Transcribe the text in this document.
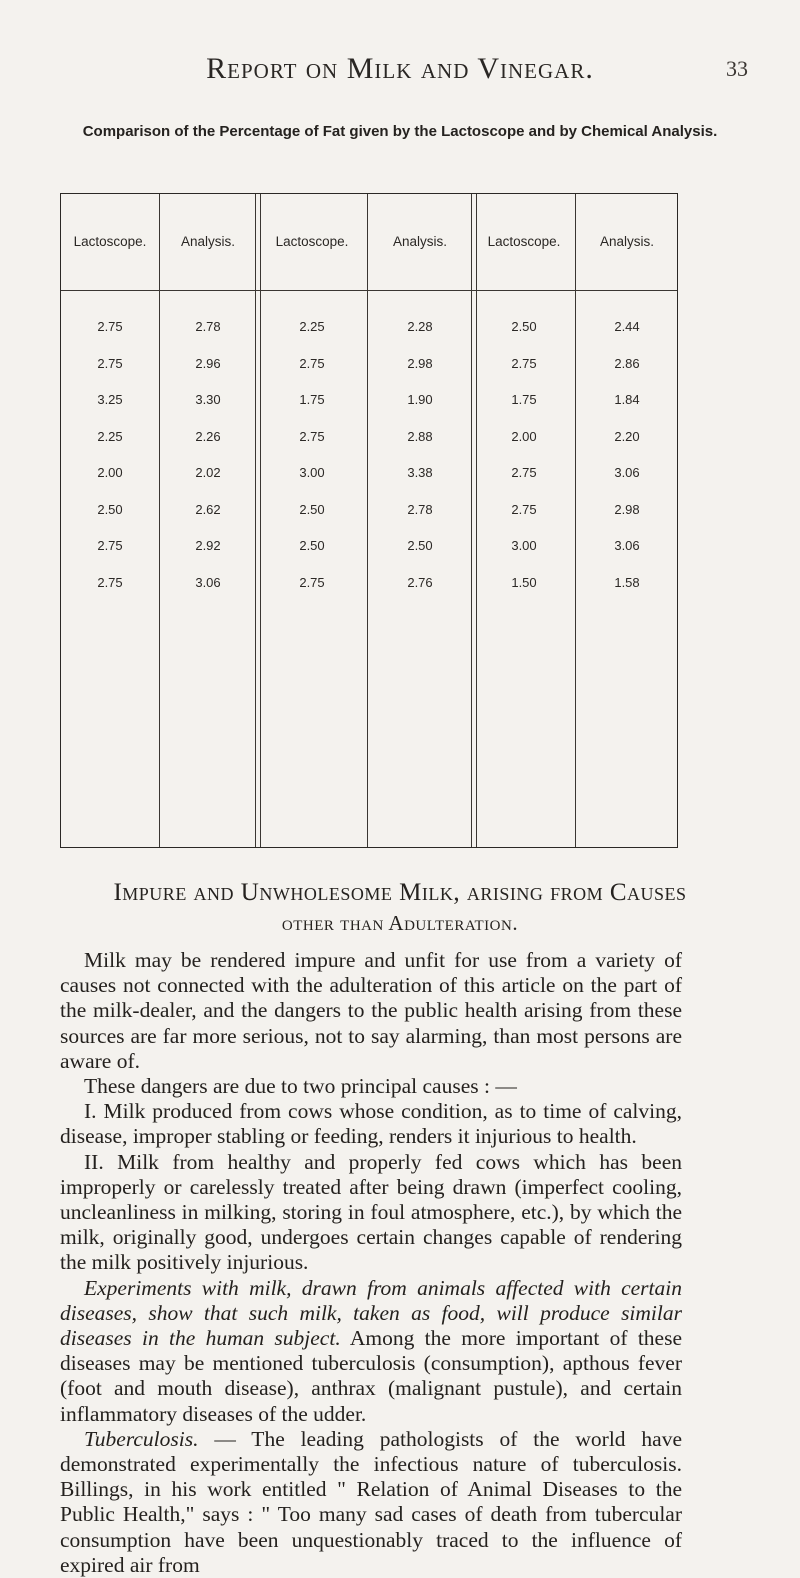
Report on Milk and Vinegar.	33
Comparison of the Percentage of Fat given by the Lactoscope and by Chemical Analysis.
Lactoscope.	Analysis.	Lactoscope.	Analysis.	Lactoscope.	Analysis.
2.75	2.78	2.25	2.28	2.50	2.44
2.75	2.96	2.75	2.98	2.75	2.86
3.25	3.30	1.75	1.90	1.75	1.84
2.25	2.26	2.75	2.88	2.00	2.20
2.00	2.02	3.00	3.38	2.75	3.06
2.50	2.62	2.50	2.78	2.75	2.98
2.75	2.92	2.50	2.50	3.00	3.06
2.75	3.06	2.75	2.76	1.50	1.58
Impure and Unwholesome Milk, arising from Causes
other than Adulteration.

Milk may be rendered impure and unfit for use from a variety of causes not connected with the adulteration of this article on the part of the milk-dealer, and the dangers to the public health arising from these sources are far more serious, not to say alarming, than most persons are aware of.

These dangers are due to two principal causes : —

I. Milk produced from cows whose condition, as to time of calving, disease, improper stabling or feeding, renders it injurious to health.

II. Milk from healthy and properly fed cows which has been improperly or carelessly treated after being drawn (imperfect cooling, uncleanliness in milking, storing in foul atmosphere, etc.), by which the milk, originally good, undergoes certain changes capable of rendering the milk positively injurious.

Experiments with milk, drawn from animals affected with certain diseases, show that such milk, taken as food, will produce similar diseases in the human subject. Among the more important of these diseases may be mentioned tuberculosis (consumption), apthous fever (foot and mouth disease), anthrax (malignant pustule), and certain inflammatory diseases of the udder.

Tuberculosis. — The leading pathologists of the world have demonstrated experimentally the infectious nature of tuberculosis. Billings, in his work entitled " Relation of Animal Diseases to the Public Health," says : " Too many sad cases of death from tubercular consumption have been unquestionably traced to the influence of expired air from
